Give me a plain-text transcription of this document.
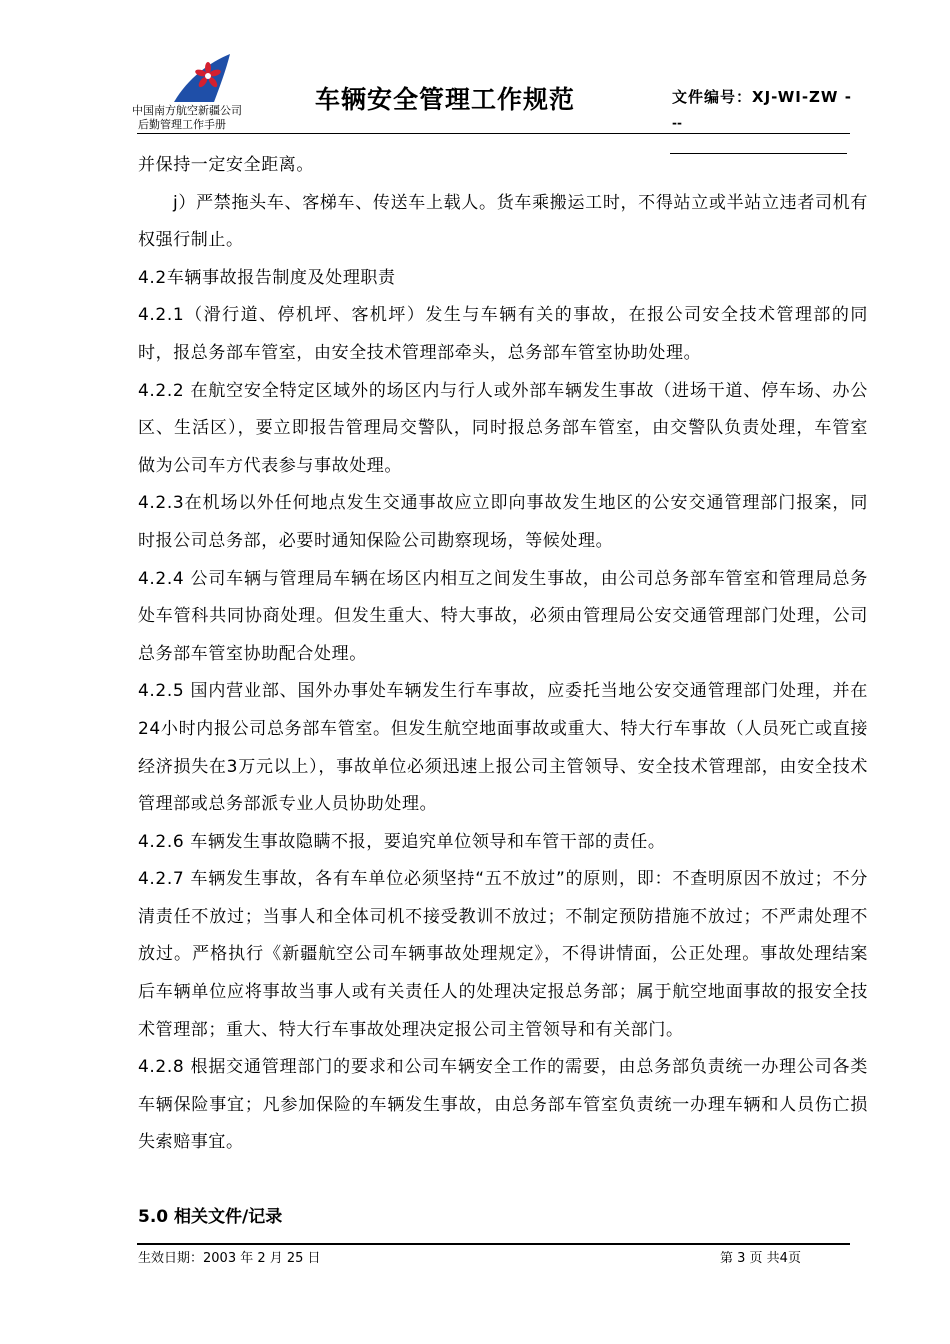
中国南方航空新疆公司
后勤管理工作手册
车辆安全管理工作规范	文件编号：XJ-WI-ZW -
--

并保持一定安全距离。

j）严禁拖头车、客梯车、传送车上载人。货车乘搬运工时，不得站立或半站立违者司机有权强行制止。

4.2车辆事故报告制度及处理职责

4.2.1（滑行道、停机坪、客机坪）发生与车辆有关的事故，在报公司安全技术管理部的同时，报总务部车管室，由安全技术管理部牵头，总务部车管室协助处理。

4.2.2 在航空安全特定区域外的场区内与行人或外部车辆发生事故（进场干道、停车场、办公区、生活区），要立即报告管理局交警队，同时报总务部车管室，由交警队负责处理，车管室做为公司车方代表参与事故处理。

4.2.3在机场以外任何地点发生交通事故应立即向事故发生地区的公安交通管理部门报案，同时报公司总务部，必要时通知保险公司勘察现场，等候处理。

4.2.4 公司车辆与管理局车辆在场区内相互之间发生事故，由公司总务部车管室和管理局总务处车管科共同协商处理。但发生重大、特大事故，必须由管理局公安交通管理部门处理，公司总务部车管室协助配合处理。

4.2.5 国内营业部、国外办事处车辆发生行车事故，应委托当地公安交通管理部门处理，并在24小时内报公司总务部车管室。但发生航空地面事故或重大、特大行车事故（人员死亡或直接经济损失在3万元以上），事故单位必须迅速上报公司主管领导、安全技术管理部，由安全技术管理部或总务部派专业人员协助处理。

4.2.6 车辆发生事故隐瞒不报，要追究单位领导和车管干部的责任。

4.2.7 车辆发生事故，各有车单位必须坚持“五不放过”的原则，即：不查明原因不放过；不分清责任不放过；当事人和全体司机不接受教训不放过；不制定预防措施不放过；不严肃处理不放过。严格执行《新疆航空公司车辆事故处理规定》，不得讲情面，公正处理。事故处理结案后车辆单位应将事故当事人或有关责任人的处理决定报总务部；属于航空地面事故的报安全技术管理部；重大、特大行车事故处理决定报公司主管领导和有关部门。

4.2.8 根据交通管理部门的要求和公司车辆安全工作的需要，由总务部负责统一办理公司各类车辆保险事宜；凡参加保险的车辆发生事故，由总务部车管室负责统一办理车辆和人员伤亡损失索赔事宜。

5.0 相关文件/记录
生效日期：2003 年 2 月 25 日	第 3 页 共4页
